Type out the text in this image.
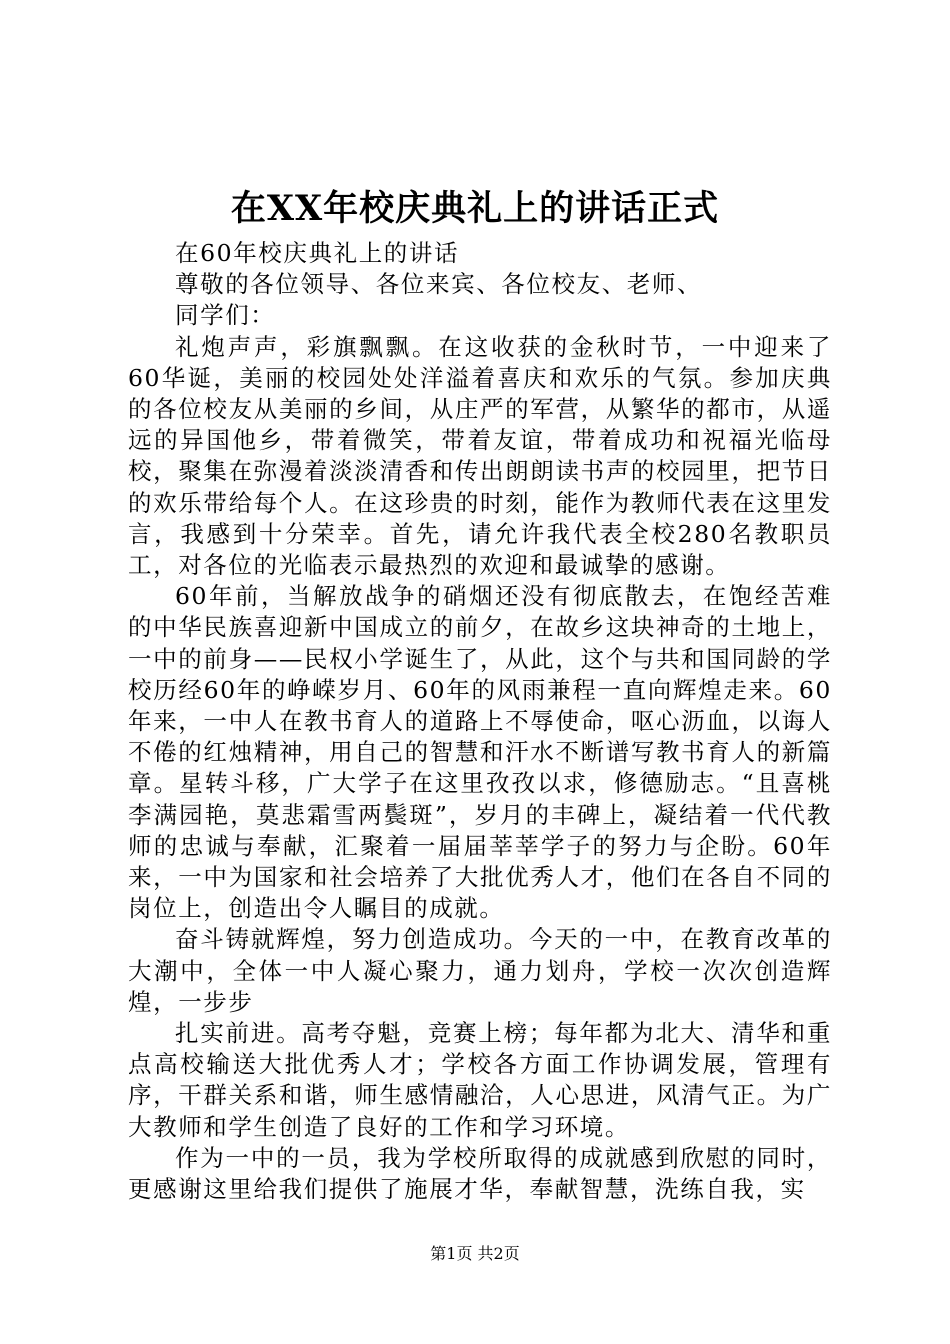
在XX年校庆典礼上的讲话正式

在60年校庆典礼上的讲话

尊敬的各位领导、各位来宾、各位校友、老师、

同学们：

礼炮声声，彩旗飘飘。在这收获的金秋时节，一中迎来了60华诞，美丽的校园处处洋溢着喜庆和欢乐的气氛。参加庆典的各位校友从美丽的乡间，从庄严的军营，从繁华的都市，从遥远的异国他乡，带着微笑，带着友谊，带着成功和祝福光临母校，聚集在弥漫着淡淡清香和传出朗朗读书声的校园里，把节日的欢乐带给每个人。在这珍贵的时刻，能作为教师代表在这里发言，我感到十分荣幸。首先，请允许我代表全校280名教职员工，对各位的光临表示最热烈的欢迎和最诚挚的感谢。

60年前，当解放战争的硝烟还没有彻底散去，在饱经苦难的中华民族喜迎新中国成立的前夕，在故乡这块神奇的土地上，一中的前身——民权小学诞生了，从此，这个与共和国同龄的学校历经60年的峥嵘岁月、60年的风雨兼程一直向辉煌走来。60年来，一中人在教书育人的道路上不辱使命，呕心沥血，以诲人不倦的红烛精神，用自己的智慧和汗水不断谱写教书育人的新篇章。星转斗移，广大学子在这里孜孜以求，修德励志。“且喜桃李满园艳，莫悲霜雪两鬓斑”，岁月的丰碑上，凝结着一代代教师的忠诚与奉献，汇聚着一届届莘莘学子的努力与企盼。60年来，一中为国家和社会培养了大批优秀人才，他们在各自不同的岗位上，创造出令人瞩目的成就。

奋斗铸就辉煌，努力创造成功。今天的一中，在教育改革的大潮中，全体一中人凝心聚力，通力划舟，学校一次次创造辉煌，一步步

扎实前进。高考夺魁，竞赛上榜；每年都为北大、清华和重点高校输送大批优秀人才；学校各方面工作协调发展，管理有序，干群关系和谐，师生感情融洽，人心思进，风清气正。为广大教师和学生创造了良好的工作和学习环境。

作为一中的一员，我为学校所取得的成就感到欣慰的同时，更感谢这里给我们提供了施展才华，奉献智慧，洗练自我，实

第1页 共2页
